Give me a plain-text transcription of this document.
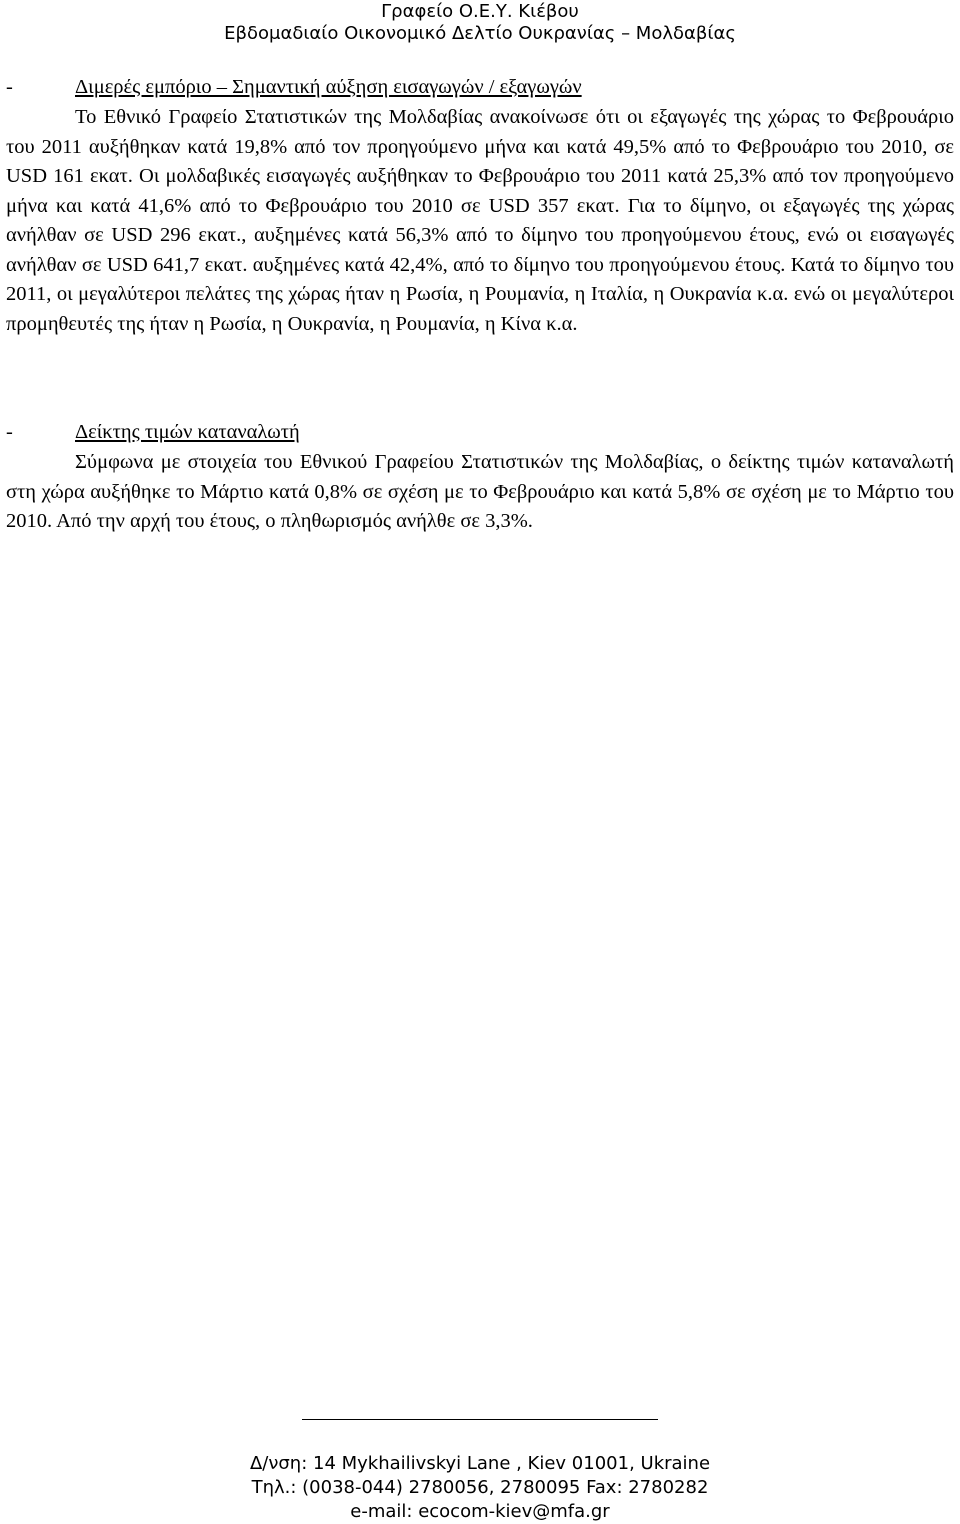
Γραφείο Ο.Ε.Υ. Κιέβου
Εβδομαδιαίο Οικονομικό Δελτίο Ουκρανίας – Μολδαβίας
-	Διμερές εμπόριο – Σημαντική αύξηση εισαγωγών / εξαγωγών

Το Εθνικό Γραφείο Στατιστικών της Μολδαβίας ανακοίνωσε ότι οι εξαγωγές της χώρας το Φεβρουάριο του 2011 αυξήθηκαν κατά 19,8% από τον προηγούμενο μήνα και κατά 49,5% από το Φεβρουάριο του 2010, σε USD 161 εκατ. Οι μολδαβικές εισαγωγές αυξήθηκαν το Φεβρουάριο του 2011 κατά 25,3% από τον προηγούμενο μήνα και κατά 41,6% από το Φεβρουάριο του 2010 σε USD 357 εκατ. Για το δίμηνο, οι εξαγωγές της χώρας ανήλθαν σε USD 296 εκατ., αυξημένες κατά 56,3% από το δίμηνο του προηγούμενου έτους, ενώ οι εισαγωγές ανήλθαν σε USD 641,7 εκατ. αυξημένες κατά 42,4%, από το δίμηνο του προηγούμενου έτους. Κατά το δίμηνο του 2011, οι μεγαλύτεροι πελάτες της χώρας ήταν η Ρωσία, η Ρουμανία, η Ιταλία, η Ουκρανία κ.α. ενώ οι μεγαλύτεροι προμηθευτές της ήταν η Ρωσία, η Ουκρανία, η Ρουμανία, η Κίνα κ.α.

-	Δείκτης τιμών καταναλωτή

Σύμφωνα με στοιχεία του Εθνικού Γραφείου Στατιστικών της Μολδαβίας, ο δείκτης τιμών καταναλωτή στη χώρα αυξήθηκε το Μάρτιο κατά 0,8% σε σχέση με το Φεβρουάριο και κατά 5,8% σε σχέση με το Μάρτιο του 2010. Από την αρχή του έτους, ο πληθωρισμός ανήλθε σε 3,3%.

Δ/νση: 14 Mykhailivskyi Lane , Kiev 01001, Ukraine
Τηλ.: (0038-044) 2780056, 2780095 Fax: 2780282
e-mail: ecocom-kiev@mfa.gr
